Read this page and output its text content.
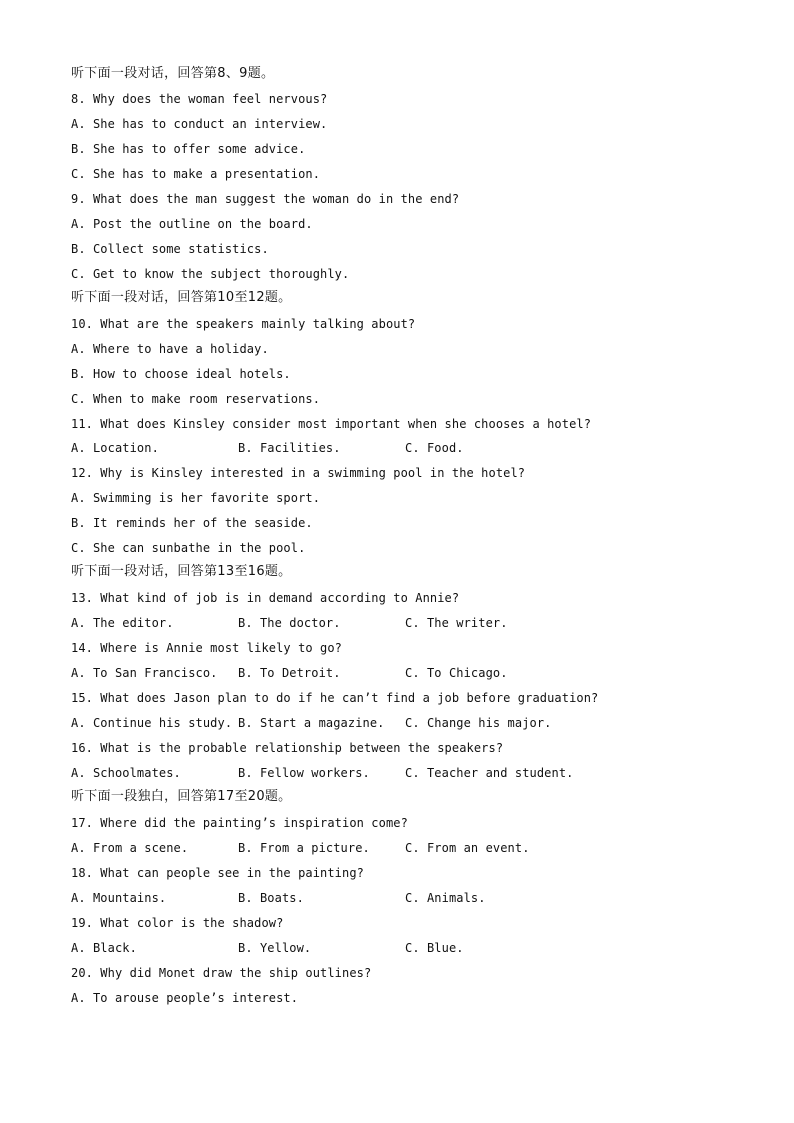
听下面一段对话，回答第8、9题。
8. Why does the woman feel nervous?
A. She has to conduct an interview.
B. She has to offer some advice.
C. She has to make a presentation.
9. What does the man suggest the woman do in the end?
A. Post the outline on the board.
B. Collect some statistics.
C. Get to know the subject thoroughly.
听下面一段对话，回答第10至12题。
10. What are the speakers mainly talking about?
A. Where to have a holiday.
B. How to choose ideal hotels.
C. When to make room reservations.
11. What does Kinsley consider most important when she chooses a hotel?
A. Location.	B. Facilities.	C. Food.
12. Why is Kinsley interested in a swimming pool in the hotel?
A. Swimming is her favorite sport.
B. It reminds her of the seaside.
C. She can sunbathe in the pool.
听下面一段对话，回答第13至16题。
13. What kind of job is in demand according to Annie?
A. The editor.	B. The doctor.	C. The writer.
14. Where is Annie most likely to go?
A. To San Francisco. B. To Detroit.	C. To Chicago.
15. What does Jason plan to do if he can’t find a job before graduation?
A. Continue his study. B. Start a magazine. C. Change his major.
16. What is the probable relationship between the speakers?
A. Schoolmates.	B. Fellow workers.	C. Teacher and student.
听下面一段独白，回答第17至20题。
17. Where did the painting’s inspiration come?
A. From a scene.	B. From a picture.	C. From an event.
18. What can people see in the painting?
A. Mountains.	B. Boats.	C. Animals.
19. What color is the shadow?
A. Black.	B. Yellow.	C. Blue.
20. Why did Monet draw the ship outlines?
A. To arouse people’s interest.
